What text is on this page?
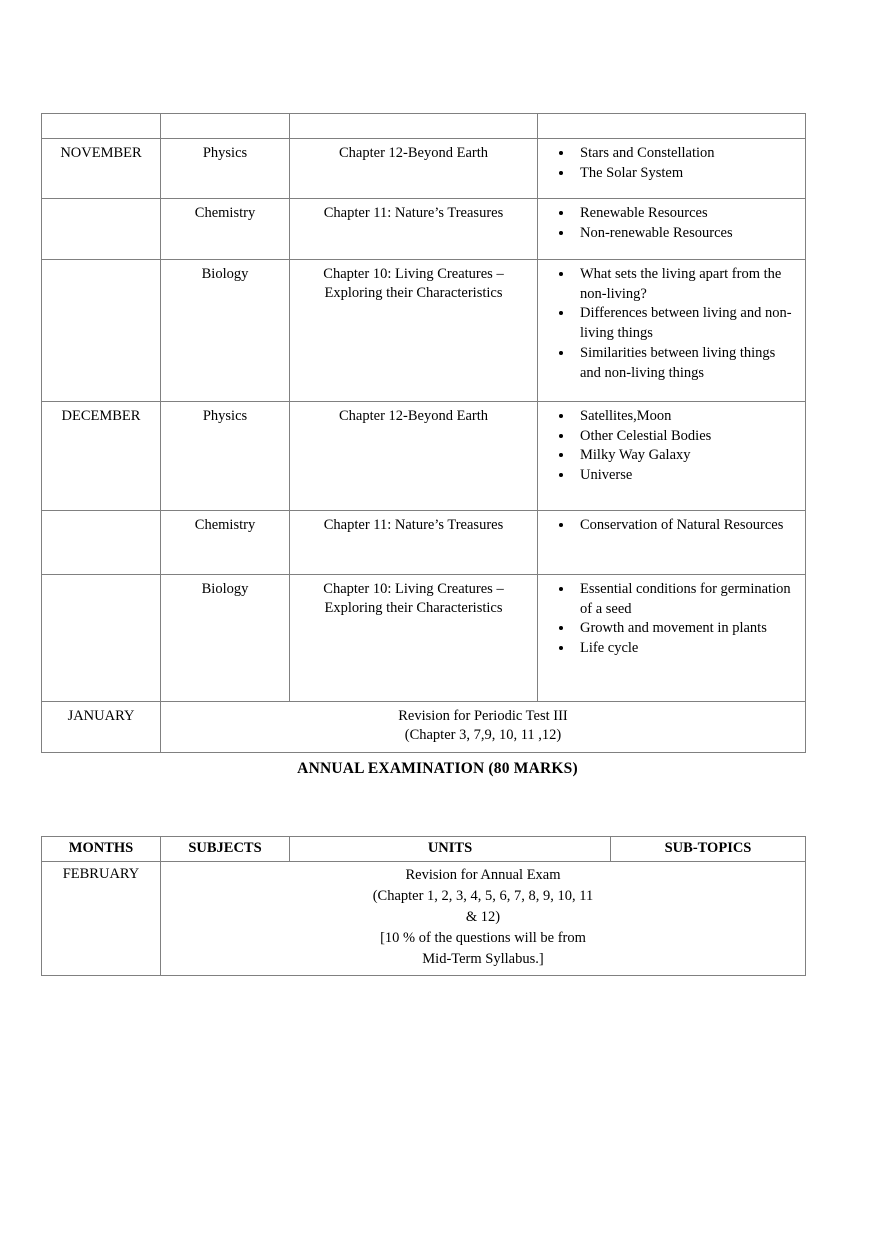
NOVEMBER	Physics	Chapter 12-Beyond Earth	
•Stars and Constellation
• The Solar System

	Chemistry	Chapter 11: Nature’s Treasures	
•Renewable Resources
• Non-renewable Resources

	Biology	Chapter 10: Living Creatures – Exploring their Characteristics	
• What sets the living apart from the non-living?
• Differences between living and non-living things
• Similarities between living things and non-living things

DECEMBER	Physics	Chapter 12-Beyond Earth	
•Satellites,Moon
• Other Celestial Bodies
• Milky Way Galaxy
• Universe

	Chemistry	Chapter 11: Nature’s Treasures	
•Conservation of Natural Resources

	Biology	Chapter 10: Living Creatures – Exploring their Characteristics	
• Essential conditions for germination of a seed
• Growth and movement in plants
• Life cycle

JANUARY	Revision for Periodic Test III
(Chapter 3, 7,9, 10, 11 ,12)		
ANNUAL EXAMINATION (80 MARKS)
MONTHS	SUBJECTS	UNITS	SUB-TOPICS
FEBRUARY	Revision for Annual Exam
(Chapter 1, 2, 3, 4, 5, 6, 7, 8, 9, 10, 11
& 12)
[10 % of the questions will be from
Mid-Term Syllabus.]		
